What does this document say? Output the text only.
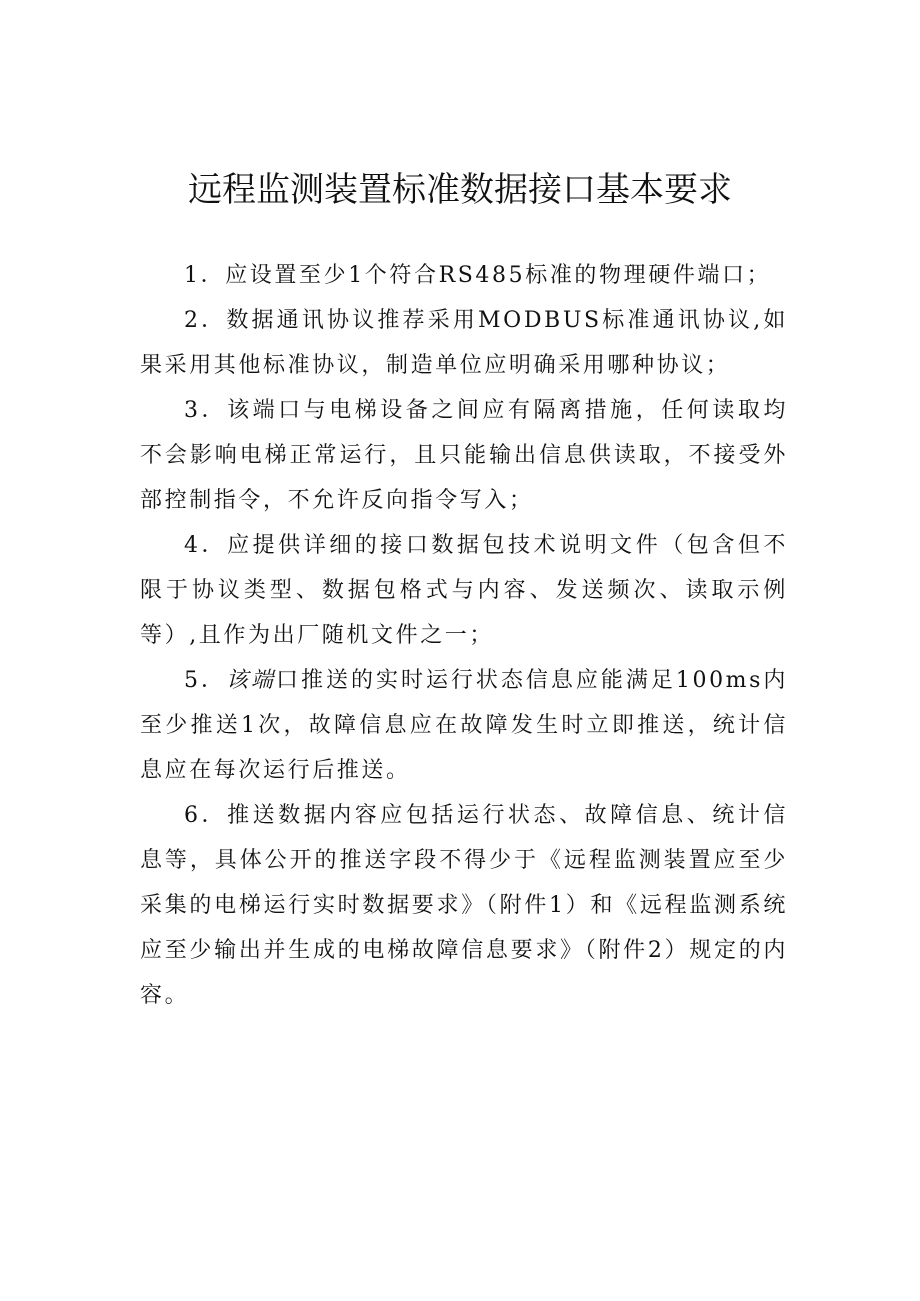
远程监测装置标准数据接口基本要求

1．应设置至少1个符合RS485标准的物理硬件端口；

2．数据通讯协议推荐采用MODBUS标准通讯协议,如果采用其他标准协议，制造单位应明确采用哪种协议；

3．该端口与电梯设备之间应有隔离措施，任何读取均不会影响电梯正常运行，且只能输出信息供读取，不接受外部控制指令，不允许反向指令写入；

4．应提供详细的接口数据包技术说明文件（包含但不限于协议类型、数据包格式与内容、发送频次、读取示例等）,且作为出厂随机文件之一；

5．该端口推送的实时运行状态信息应能满足100ms内至少推送1次，故障信息应在故障发生时立即推送，统计信息应在每次运行后推送。

6．推送数据内容应包括运行状态、故障信息、统计信息等，具体公开的推送字段不得少于《远程监测装置应至少采集的电梯运行实时数据要求》（附件1）和《远程监测系统应至少输出并生成的电梯故障信息要求》（附件2）规定的内容。
